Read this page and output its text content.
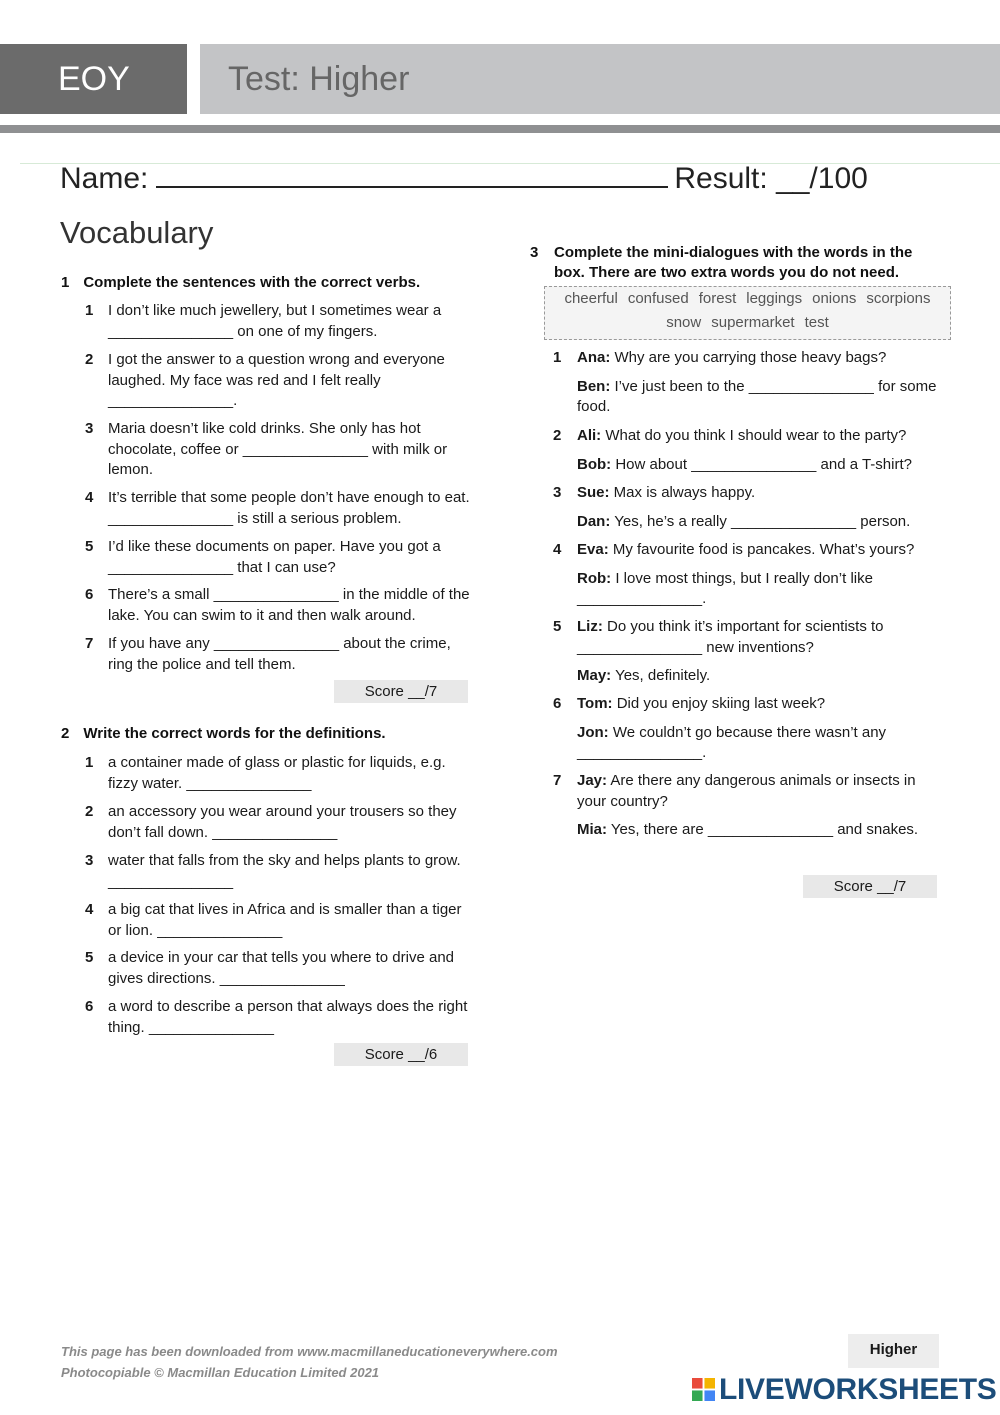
EOY	Test: Higher
Name:	Result: __/100
Vocabulary
1 Complete the sentences with the correct verbs.
1 I don’t like much jewellery, but I sometimes wear a _______________ on one of my fingers.
2 I got the answer to a question wrong and everyone laughed. My face was red and I felt really _______________.
3 Maria doesn’t like cold drinks. She only has hot chocolate, coffee or _______________ with milk or lemon.
4 It’s terrible that some people don’t have enough to eat. _______________ is still a serious problem.
5 I’d like these documents on paper. Have you got a _______________ that I can use?
6 There’s a small _______________ in the middle of the lake. You can swim to it and then walk around.
7 If you have any _______________ about the crime, ring the police and tell them.
Score __/7
2 Write the correct words for the definitions.
1 a container made of glass or plastic for liquids, e.g. fizzy water. _______________
2 an accessory you wear around your trousers so they don’t fall down. _______________
3 water that falls from the sky and helps plants to grow. _______________
4 a big cat that lives in Africa and is smaller than a tiger or lion. _______________
5 a device in your car that tells you where to drive and gives directions. _______________
6 a word to describe a person that always does the right thing. _______________
Score __/6
3 Complete the mini-dialogues with the words in the box. There are two extra words you do not need.
cheerful confused forest leggings onions scorpions
snow supermarket test
1 Ana: Why are you carrying those heavy bags?
Ben: I’ve just been to the _______________ for some food.
2 Ali: What do you think I should wear to the party?
Bob: How about _______________ and a T-shirt?
3 Sue: Max is always happy.
Dan: Yes, he’s a really _______________ person.
4 Eva: My favourite food is pancakes. What’s yours?
Rob: I love most things, but I really don’t like _______________.
5 Liz: Do you think it’s important for scientists to _______________ new inventions?
May: Yes, definitely.
6 Tom: Did you enjoy skiing last week?
Jon: We couldn’t go because there wasn’t any _______________.
7 Jay: Are there any dangerous animals or insects in your country?
Mia: Yes, there are _______________ and snakes.
Score __/7
This page has been downloaded from www.macmillaneducationeverywhere.com
Photocopiable © Macmillan Education Limited 2021
Higher
LIVEWORKSHEETS
